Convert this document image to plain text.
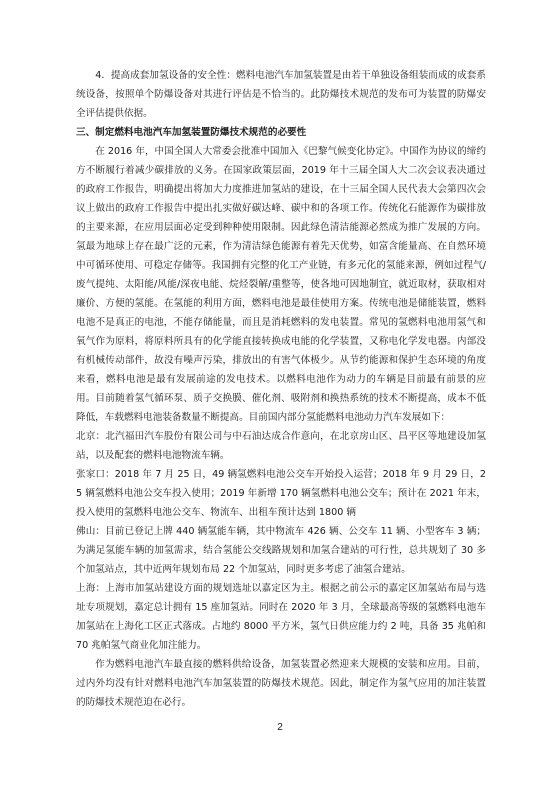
4．提高成套加氢设备的安全性：燃料电池汽车加氢装置是由若干单独设备组装而成的成套系统设备，按照单个防爆设备对其进行评估是不恰当的。此防爆技术规范的发布可为装置的防爆安全评估提供依据。

三、制定燃料电池汽车加氢装置防爆技术规范的必要性

在 2016 年，中国全国人大常委会批准中国加入《巴黎气候变化协定》。中国作为协议的缔约方不断履行着减少碳排放的义务。在国家政策层面，2019 年十三届全国人大二次会议表决通过的政府工作报告，明确提出将加大力度推进加氢站的建设，在十三届全国人民代表大会第四次会议上做出的政府工作报告中提出扎实做好碳达峰、碳中和的各项工作。传统化石能源作为碳排放的主要来源，在应用层面必定受到种种使用限制。因此绿色清洁能源必然成为推广发展的方向。氢最为地球上存在最广泛的元素，作为清洁绿色能源有着先天优势，如富含能量高、在自然环境中可循环使用、可稳定存储等。我国拥有完整的化工产业链，有多元化的氢能来源，例如过程气/废气提纯、太阳能/风能/深夜电能、烷烃裂解/重整等，使各地可因地制宜，就近取材，获取相对廉价、方便的氢能。在氢能的利用方面，燃料电池是最佳使用方案。传统电池是储能装置，燃料电池不是真正的电池，不能存储能量，而且是消耗燃料的发电装置。常见的氢燃料电池用氢气和氧气作为原料，将原料所具有的化学能直接转换成电能的化学装置，又称电化学发电器。内部没有机械传动部件，故没有噪声污染，排放出的有害气体极少。从节约能源和保护生态环境的角度来看，燃料电池是最有发展前途的发电技术。以燃料电池作为动力的车辆是目前最有前景的应用。目前随着氢气循环泵、质子交换膜、催化剂、吸附剂和换热系统的技术不断提高，成本不低降低，车载燃料电池装备数量不断提高。目前国内部分氢能燃料电池动力汽车发展如下：

北京：北汽福田汽车股份有限公司与中石油达成合作意向，在北京房山区、昌平区等地建设加氢站，以及配套的燃料电池物流车辆。

张家口：2018 年 7 月 25 日，49 辆氢燃料电池公交车开始投入运营；2018 年 9 月 29 日，25 辆氢燃料电池公交车投入使用；2019 年新增 170 辆氢燃料电池公交车；预计在 2021 年末，投入使用的氢燃料电池公交车、物流车、出租车预计达到 1800 辆

佛山：目前已登记上牌 440 辆氢能车辆，其中物流车 426 辆、公交车 11 辆、小型客车 3 辆；为满足氢能车辆的加氢需求，结合氢能公交线路规划和加氢合建站的可行性，总共规划了 30 多个加氢站点，其中近两年规划布局 22 个加氢站，同时更多考虑了油氢合建站。

上海：上海市加氢站建设方面的规划选址以嘉定区为主。根据之前公示的嘉定区加氢站布局与选址专项规划，嘉定总计拥有 15 座加氢站。同时在 2020 年 3 月，全球最高等级的氢燃料电池车加氢站在上海化工区正式落成。占地约 8000 平方米，氢气日供应能力约 2 吨，具备 35 兆帕和 70 兆帕氢气商业化加注能力。

作为燃料电池汽车最直接的燃料供给设备，加氢装置必然迎来大规模的安装和应用。目前，过内外均没有针对燃料电池汽车加氢装置的防爆技术规范。因此，制定作为氢气应用的加注装置的防爆技术规范迫在必行。

2
